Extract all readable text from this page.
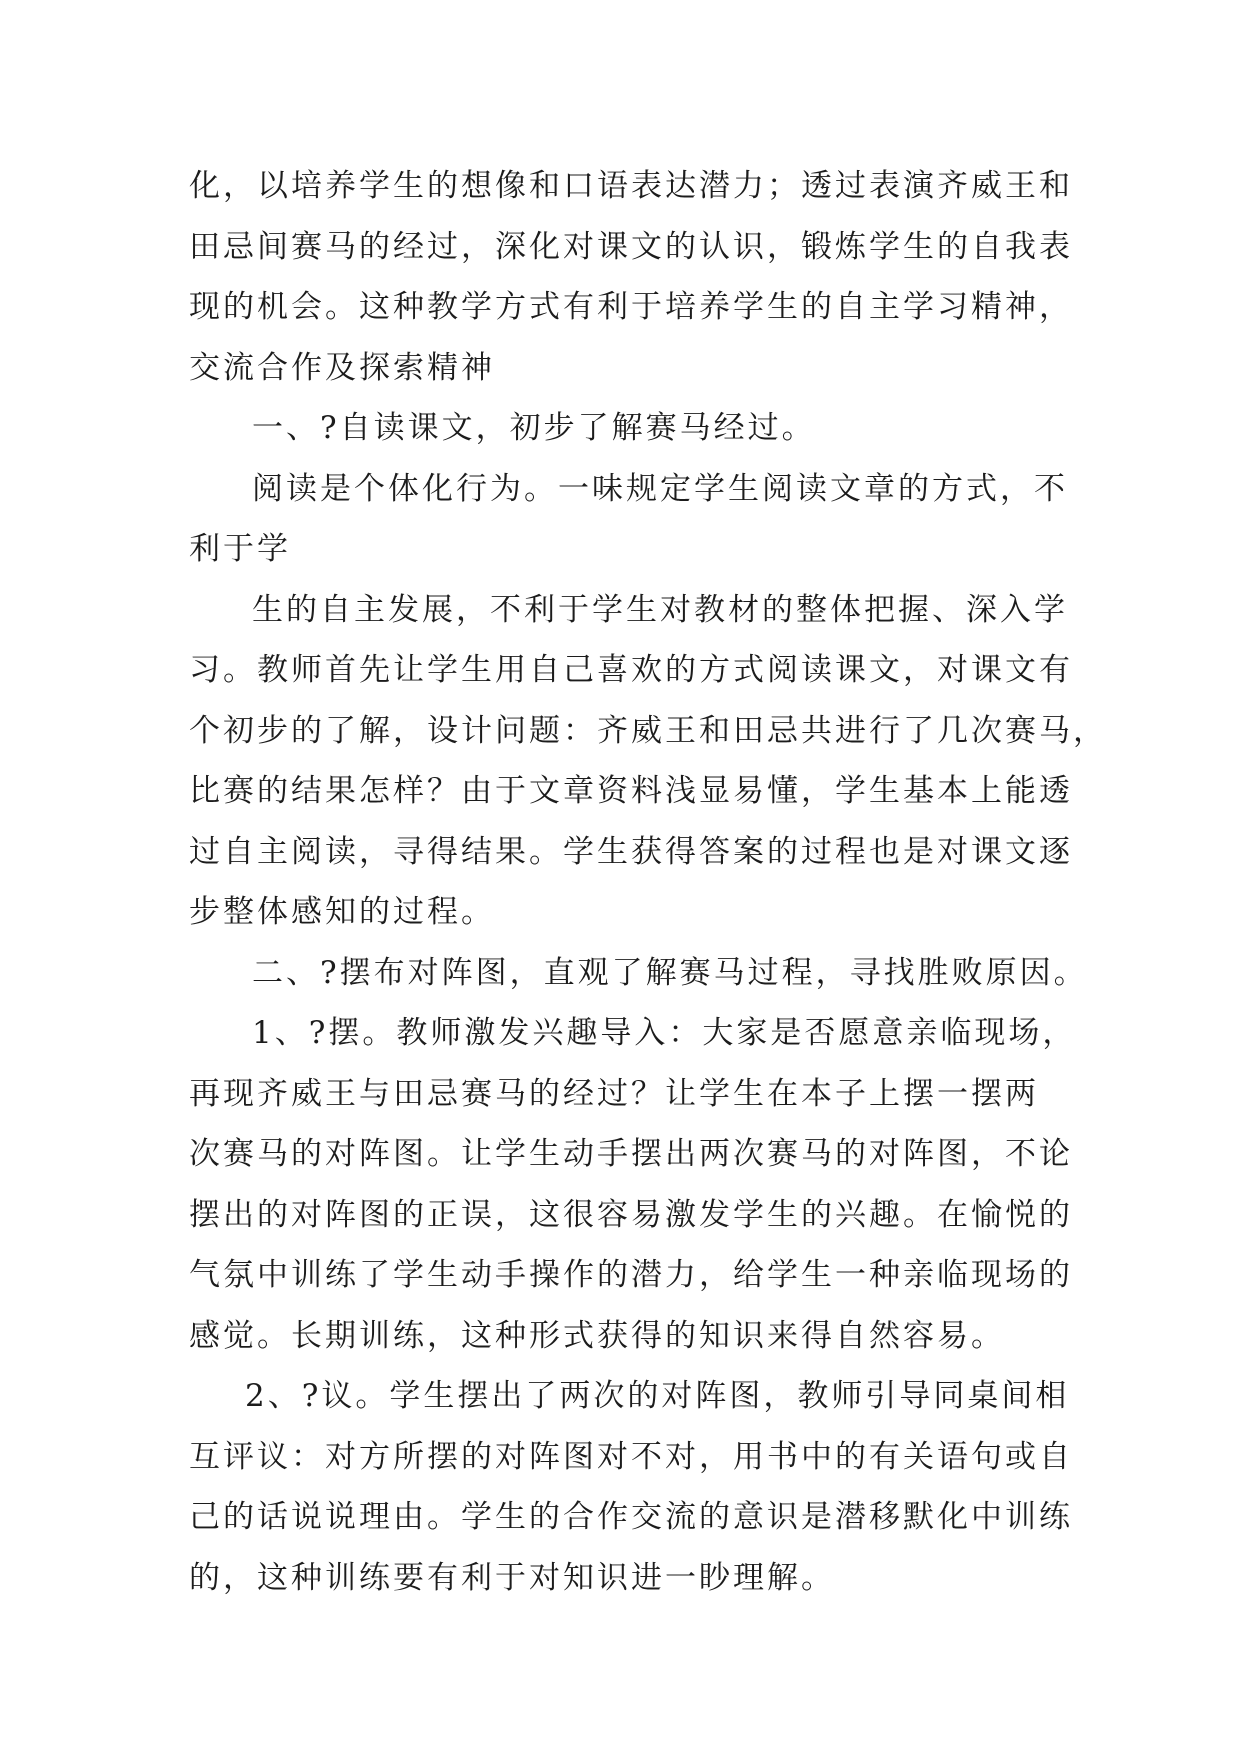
化，以培养学生的想像和口语表达潜力；透过表演齐威王和
田忌间赛马的经过，深化对课文的认识，锻炼学生的自我表
现的机会。这种教学方式有利于培养学生的自主学习精神，
交流合作及探索精神
一、?自读课文，初步了解赛马经过。
阅读是个体化行为。一味规定学生阅读文章的方式，不
利于学
生的自主发展，不利于学生对教材的整体把握、深入学
习。教师首先让学生用自己喜欢的方式阅读课文，对课文有
个初步的了解，设计问题：齐威王和田忌共进行了几次赛马，
比赛的结果怎样？由于文章资料浅显易懂，学生基本上能透
过自主阅读，寻得结果。学生获得答案的过程也是对课文逐
步整体感知的过程。
二、?摆布对阵图，直观了解赛马过程，寻找胜败原因。
1、?摆。教师激发兴趣导入：大家是否愿意亲临现场，
再现齐威王与田忌赛马的经过？让学生在本子上摆一摆两
次赛马的对阵图。让学生动手摆出两次赛马的对阵图，不论
摆出的对阵图的正误，这很容易激发学生的兴趣。在愉悦的
气氛中训练了学生动手操作的潜力，给学生一种亲临现场的
感觉。长期训练，这种形式获得的知识来得自然容易。
2、?议。学生摆出了两次的对阵图，教师引导同桌间相
互评议：对方所摆的对阵图对不对，用书中的有关语句或自
己的话说说理由。学生的合作交流的意识是潜移默化中训练
的，这种训练要有利于对知识进一眇理解。
